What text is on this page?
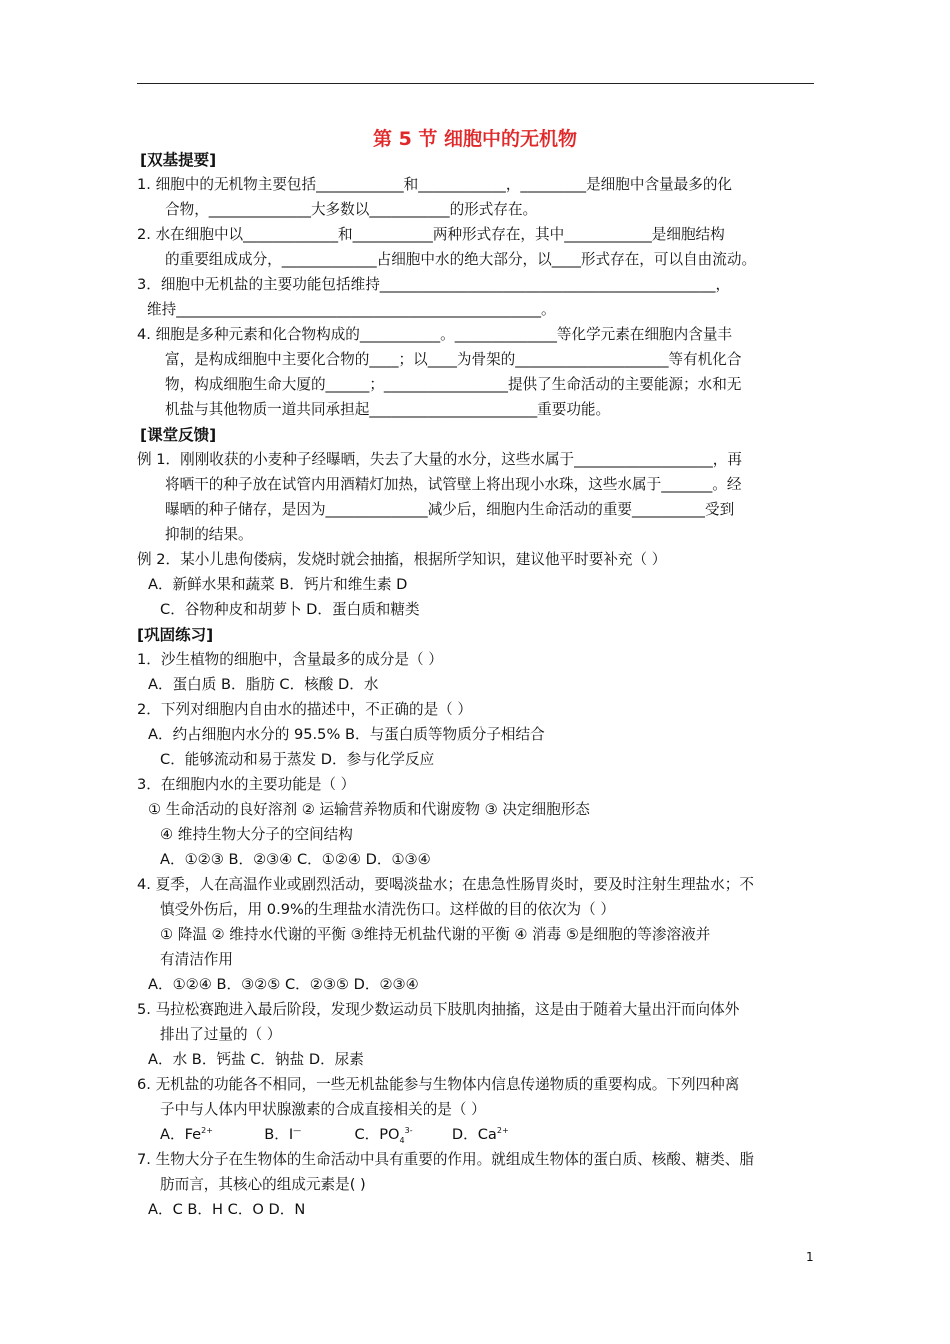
第 5 节 细胞中的无机物
[双基提要]
1. 细胞中的无机物主要包括____________和____________，_________是细胞中含量最多的化
合物，______________大多数以___________的形式存在。
2. 水在细胞中以_____________和___________两种形式存在，其中____________是细胞结构
的重要组成成分，_____________占细胞中水的绝大部分，以____形式存在，可以自由流动。
3．细胞中无机盐的主要功能包括维持______________________________________________，
维持__________________________________________________。
4. 细胞是多种元素和化合物构成的___________。______________等化学元素在细胞内含量丰
富，是构成细胞中主要化合物的____；以____为骨架的_____________________等有机化合
物，构成细胞生命大厦的______；_________________提供了生命活动的主要能源；水和无
机盐与其他物质一道共同承担起_______________________重要功能。
[课堂反馈]
例 1．刚刚收获的小麦种子经曝晒，失去了大量的水分，这些水属于___________________，再
将晒干的种子放在试管内用酒精灯加热，试管壁上将出现小水珠，这些水属于_______。经
曝晒的种子储存，是因为______________减少后，细胞内生命活动的重要__________受到
抑制的结果。
例 2．某小儿患佝偻病，发烧时就会抽搐，根据所学知识，建议他平时要补充（ ）
A．新鲜水果和蔬菜 B．钙片和维生素 D
C．谷物种皮和胡萝卜 D．蛋白质和糖类
[巩固练习]
1．沙生植物的细胞中，含量最多的成分是（ ）
A．蛋白质 B．脂肪 C．核酸 D．水
2．下列对细胞内自由水的描述中，不正确的是（ ）
A．约占细胞内水分的 95.5% B．与蛋白质等物质分子相结合
C．能够流动和易于蒸发 D．参与化学反应
3．在细胞内水的主要功能是（ ）
① 生命活动的良好溶剂 ② 运输营养物质和代谢废物 ③ 决定细胞形态
④ 维持生物大分子的空间结构
A．①②③ B．②③④ C．①②④ D．①③④
4. 夏季，人在高温作业或剧烈活动，要喝淡盐水；在患急性肠胃炎时，要及时注射生理盐水；不
慎受外伤后，用 0.9%的生理盐水清洗伤口。这样做的目的依次为（ ）
① 降温 ② 维持水代谢的平衡 ③维持无机盐代谢的平衡 ④ 消毒 ⑤是细胞的等渗溶液并
有清洁作用
A．①②④ B．③②⑤ C．②③⑤ D．②③④
5. 马拉松赛跑进入最后阶段，发现少数运动员下肢肌肉抽搐，这是由于随着大量出汗而向体外
排出了过量的（ ）
A．水 B．钙盐 C．钠盐 D．尿素
6. 无机盐的功能各不相同，一些无机盐能参与生物体内信息传递物质的重要构成。下列四种离
子中与人体内甲状腺激素的合成直接相关的是（ ）
7. 生物大分子在生物体的生命活动中具有重要的作用。就组成生物体的蛋白质、核酸、糖类、脂
肪而言，其核心的组成元素是( )
A．C B．H C．O D．N
A．$Fe^{2+}$	B．I—	C．$PO_4^{3-}$	D．$Ca^{2+}$
1
